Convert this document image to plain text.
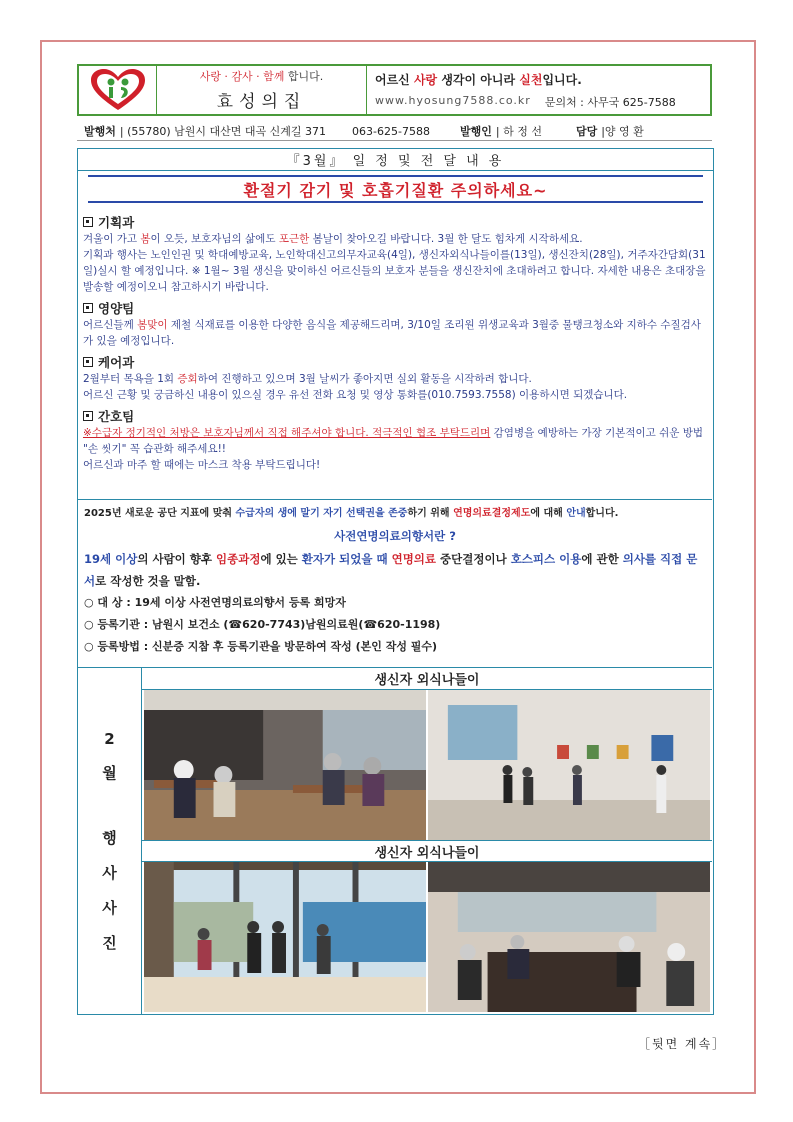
사랑 · 감사 · 함께 합니다.
효성의집
어르신 사랑 생각이 아니라 실천입니다.
www.hyosung7588.co.kr 문의처 : 사무국 625-7588
발행처 | (55780) 남원시 대산면 대곡 신계길 371 063-625-7588	발행인 | 하 정 선	담당 |양 영 환
『3월』 일 정 및 전 달 내 용
환절기 감기 및 호흡기질환 주의하세요~
기획과
겨울이 가고 봄이 오듯, 보호자님의 삶에도 포근한 봄날이 찾아오길 바랍니다. 3월 한 달도 힘차게 시작하세요.
기획과 행사는 노인인권 및 학대예방교육, 노인학대신고의무자교육(4일), 생신자외식나들이를(13일), 생신잔치(28일), 거주자간담회(31일)실시 할 예정입니다. ※ 1월~ 3월 생신을 맞이하신 어르신들의 보호자 분들을 생신잔치에 초대하려고 합니다. 자세한 내용은 초대장을 발송할 예정이오니 참고하시기 바랍니다.
영양팀
어르신들께 봄맞이 제철 식재료를 이용한 다양한 음식을 제공해드리며, 3/10일 조리원 위생교육과 3월중 물탱크청소와 지하수 수질검사가 있을 예정입니다.
케어과
2월부터 목욕을 1회 증회하여 진행하고 있으며 3월 날씨가 좋아지면 실외 활동을 시작하려 합니다.
어르신 근황 및 궁금하신 내용이 있으실 경우 유선 전화 요청 및 영상 통화를(010.7593.7558) 이용하시면 되겠습니다.
간호팀
※수급자 정기적인 처방은 보호자님께서 직접 해주셔야 합니다. 적극적인 협조 부탁드리며 감염병을 예방하는 가장 기본적이고 쉬운 방법 "손 씻기" 꼭 습관화 해주세요!!
어르신과 마주 할 때에는 마스크 착용 부탁드립니다!
2025년 새로운 공단 지표에 맞춰 수급자의 생에 말기 자기 선택권을 존중하기 위해 연명의료결정제도에 대해 안내합니다.
사전연명의료의향서란 ?
19세 이상의 사람이 향후 임종과정에 있는 환자가 되었을 때 연명의료 중단결정이나 호스피스 이용에 관한 의사를 직접 문서로 작성한 것을 말함.
○ 대 상 : 19세 이상 사전연명의료의향서 등록 희망자
○ 등록기관 : 남원시 보건소 (☎620-7743)남원의료원(☎620-1198)
○ 등록방법 : 신분증 지참 후 등록기관을 방문하여 작성 (본인 작성 필수)
2
월
행
사
사
진
생신자 외식나들이
생신자 외식나들이
［뒷면 계속］
